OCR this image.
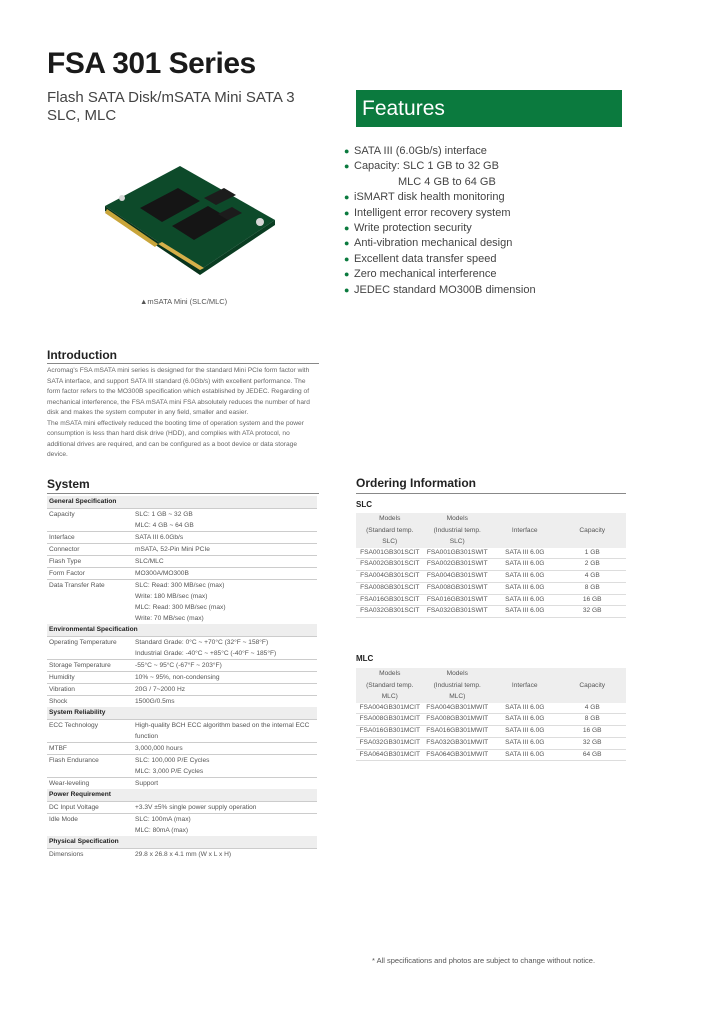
FSA 301 Series
Flash SATA Disk/mSATA Mini SATA 3
SLC, MLC	Features
● SATA III (6.0Gb/s) interface
● Capacity: SLC 1 GB to 32 GB
MLC 4 GB to 64 GB
● iSMART disk health monitoring
● Intelligent error recovery system
● Write protection security
● Anti-vibration mechanical design
● Excellent data transfer speed
● Zero mechanical interference
● JEDEC standard MO300B dimension
▲mSATA Mini (SLC/MLC)
Introduction

Acromag's FSA mSATA mini series is designed for the standard Mini PCIe form factor with SATA interface, and support SATA III standard (6.0Gb/s) with excellent performance. The form factor refers to the MO300B specification which established by JEDEC. Regarding of mechanical interference, the FSA mSATA mini FSA absolutely reduces the number of hard disk and makes the system computer in any field, smaller and easier.

The mSATA mini effectively reduced the booting time of operation system and the power consumption is less than hard disk drive (HDD), and complies with ATA protocol, no additional drives are required, and can be configured as a boot device or data storage device.

System
General Specification	
Capacity	SLC: 1 GB ~ 32 GB
	MLC: 4 GB ~ 64 GB
Interface	SATA III 6.0Gb/s
Connector	mSATA, 52-Pin Mini PCIe
Flash Type	SLC/MLC
Form Factor	MO300A/MO300B
Data Transfer Rate	SLC: Read: 300 MB/sec (max)
	Write: 180 MB/sec (max)
	MLC: Read: 300 MB/sec (max)
	Write: 70 MB/sec (max)
Environmental Specification	
Operating Temperature	Standard Grade: 0°C ~ +70°C (32°F ~ 158°F)
	Industrial Grade: -40°C ~ +85°C (-40°F ~ 185°F)
Storage Temperature	-55°C ~ 95°C (-67°F ~ 203°F)
Humidity	10% ~ 95%, non-condensing
Vibration	20G / 7~2000 Hz
Shock	1500G/0.5ms
System Reliability	
ECC Technology	High-quality BCH ECC algorithm based on the internal ECC function
MTBF	3,000,000 hours
Flash Endurance	SLC: 100,000 P/E Cycles
	MLC: 3,000 P/E Cycles
Wear-leveling	Support
Power Requirement	
DC Input Voltage	+3.3V ±5% single power supply operation
Idle Mode	SLC: 100mA (max)
	MLC: 80mA (max)
Physical Specification	
Dimensions	29.8 x 26.8 x 4.1 mm (W x L x H)
Ordering Information
SLC
Models
(Standard temp. SLC)	Models
(Industrial temp. SLC)	Interface	Capacity
FSA001GB301SCIT	FSA001GB301SWIT	SATA III 6.0G	1 GB
FSA002GB301SCIT	FSA002GB301SWIT	SATA III 6.0G	2 GB
FSA004GB301SCIT	FSA004GB301SWIT	SATA III 6.0G	4 GB
FSA008GB301SCIT	FSA008GB301SWIT	SATA III 6.0G	8 GB
FSA016GB301SCIT	FSA016GB301SWIT	SATA III 6.0G	16 GB
FSA032GB301SCIT	FSA032GB301SWIT	SATA III 6.0G	32 GB
MLC
Models
(Standard temp. MLC)	Models
(Industrial temp. MLC)	Interface	Capacity
FSA004GB301MCIT	FSA004GB301MWIT	SATA III 6.0G	4 GB
FSA008GB301MCIT	FSA008GB301MWIT	SATA III 6.0G	8 GB
FSA016GB301MCIT	FSA016GB301MWIT	SATA III 6.0G	16 GB
FSA032GB301MCIT	FSA032GB301MWIT	SATA III 6.0G	32 GB
FSA064GB301MCIT	FSA064GB301MWIT	SATA III 6.0G	64 GB
* All specifications and photos are subject to change without notice.
